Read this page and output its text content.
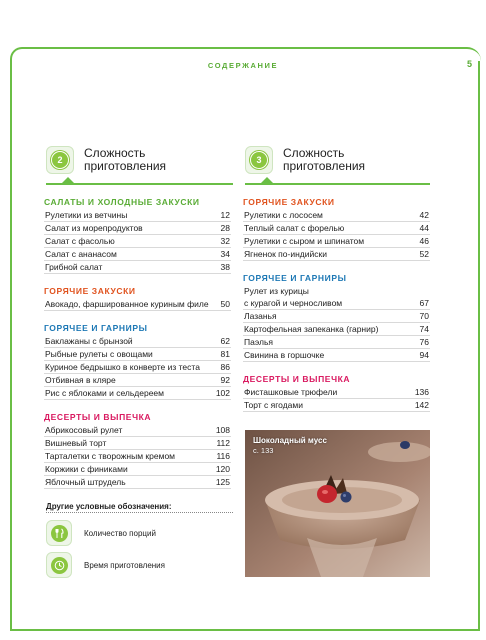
СОДЕРЖАНИЕ	5
2	Сложность
приготовления	3	Сложность
приготовления
САЛАТЫ И ХОЛОДНЫЕ ЗАКУСКИ
Рулетики из ветчины	12
Салат из морепродуктов	28
Салат с фасолью	32
Салат с ананасом	34
Грибной салат	38
ГОРЯЧИЕ ЗАКУСКИ
Авокадо, фаршированное куриным филе 50
ГОРЯЧЕЕ И ГАРНИРЫ
Баклажаны с брынзой	62
Рыбные рулеты с овощами	81
Куриное бедрышко в конверте из теста 86
Отбивная в кляре	92
Рис с яблоками и сельдереем	102
ДЕСЕРТЫ И ВЫПЕЧКА
Абрикосовый рулет	108
Вишневый торт	112
Тарталетки с творожным кремом	116
Коржики с финиками	120
Яблочный штрудель	125
ГОРЯЧИЕ ЗАКУСКИ
Рулетики с лососем	42
Теплый салат с форелью	44
Рулетики с сыром и шпинатом	46
Ягненок по-индийски	52
ГОРЯЧЕЕ И ГАРНИРЫ
Рулет из курицы
с курагой и черносливом	67
Лазанья	70
Картофельная запеканка (гарнир)	74
Паэлья	76
Свинина в горшочке	94
ДЕСЕРТЫ И ВЫПЕЧКА
Фисташковые трюфели	136
Торт с ягодами	142
Другие условные обозначения:
Количество порций
Время приготовления
Шоколадный мусс
с. 133
